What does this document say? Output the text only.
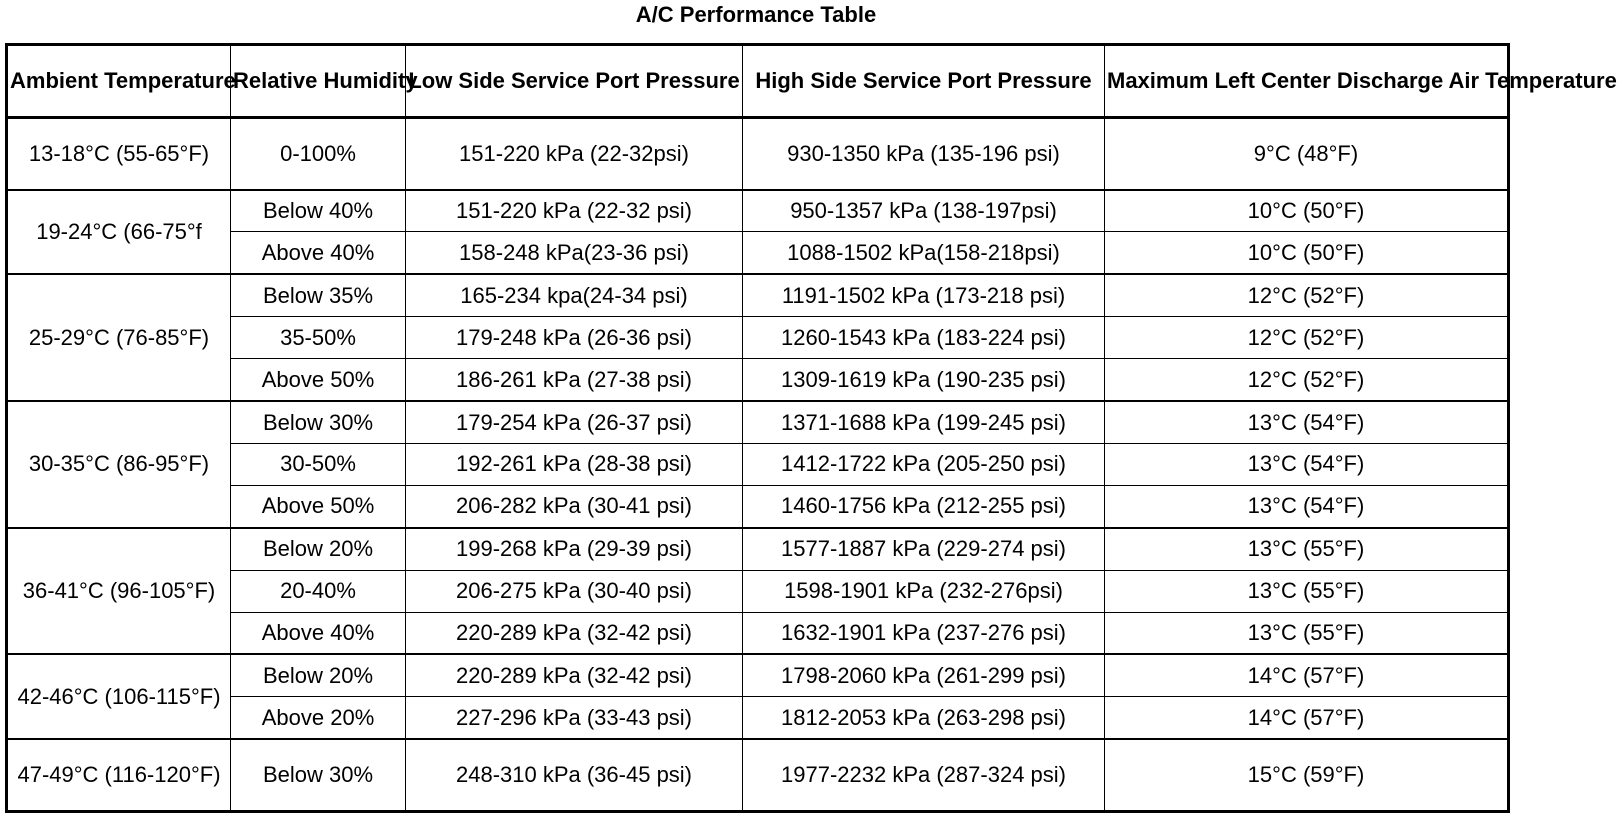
A/C Performance Table
Ambient Temperature	Relative Humidity	Low Side Service Port Pressure	High Side Service Port Pressure	Maximum Left Center Discharge Air Temperature
13-18°C (55-65°F)	0-100%	151-220 kPa (22-32psi)	930-1350 kPa (135-196 psi)	9°C (48°F)
19-24°C (66-75°f	Below 40%	151-220 kPa (22-32 psi)	950-1357 kPa (138-197psi)	10°C (50°F)
	Above 40%	158-248 kPa(23-36 psi)	1088-1502 kPa(158-218psi)	10°C (50°F)
25-29°C (76-85°F)	Below 35%	165-234 kpa(24-34 psi)	1191-1502 kPa (173-218 psi)	12°C (52°F)
	35-50%	179-248 kPa (26-36 psi)	1260-1543 kPa (183-224 psi)	12°C (52°F)
	Above 50%	186-261 kPa (27-38 psi)	1309-1619 kPa (190-235 psi)	12°C (52°F)
30-35°C (86-95°F)	Below 30%	179-254 kPa (26-37 psi)	1371-1688 kPa (199-245 psi)	13°C (54°F)
	30-50%	192-261 kPa (28-38 psi)	1412-1722 kPa (205-250 psi)	13°C (54°F)
	Above 50%	206-282 kPa (30-41 psi)	1460-1756 kPa (212-255 psi)	13°C (54°F)
36-41°C (96-105°F)	Below 20%	199-268 kPa (29-39 psi)	1577-1887 kPa (229-274 psi)	13°C (55°F)
	20-40%	206-275 kPa (30-40 psi)	1598-1901 kPa (232-276psi)	13°C (55°F)
	Above 40%	220-289 kPa (32-42 psi)	1632-1901 kPa (237-276 psi)	13°C (55°F)
42-46°C (106-115°F)	Below 20%	220-289 kPa (32-42 psi)	1798-2060 kPa (261-299 psi)	14°C (57°F)
	Above 20%	227-296 kPa (33-43 psi)	1812-2053 kPa (263-298 psi)	14°C (57°F)
47-49°C (116-120°F)	Below 30%	248-310 kPa (36-45 psi)	1977-2232 kPa (287-324 psi)	15°C (59°F)
